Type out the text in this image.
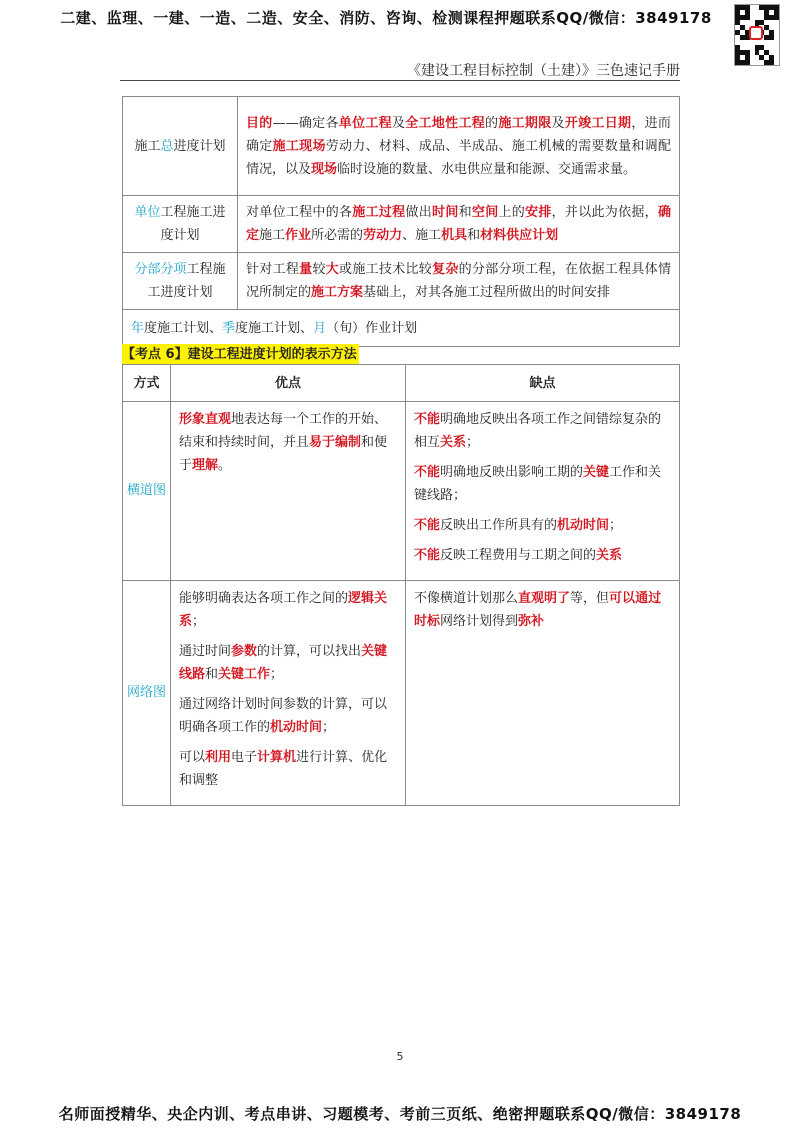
二建、监理、一建、一造、二造、安全、消防、咨询、检测课程押题联系QQ/微信：3849178
《建设工程目标控制（土建）》三色速记手册
施工总进度计划	目的——确定各单位工程及全工地性工程的施工期限及开竣工日期，进而确定施工现场劳动力、材料、成品、半成品、施工机械的需要数量和调配情况，以及现场临时设施的数量、水电供应量和能源、交通需求量。
单位工程施工进度计划	对单位工程中的各施工过程做出时间和空间上的安排，并以此为依据，确定施工作业所必需的劳动力、施工机具和材料供应计划
分部分项工程施工进度计划	针对工程量较大或施工技术比较复杂的分部分项工程，在依据工程具体情况所制定的施工方案基础上，对其各施工过程所做出的时间安排
年度施工计划、季度施工计划、月（旬）作业计划	
【考点 6】建设工程进度计划的表示方法
方式	优点	缺点
横道图	形象直观地表达每一个工作的开始、结束和持续时间，并且易于编制和便于理解。	不能明确地反映出各项工作之间错综复杂的相互关系；
不能明确地反映出影响工期的关键工作和关键线路；
不能反映出工作所具有的机动时间；
不能反映工程费用与工期之间的关系

网络图	能够明确表达各项工作之间的逻辑关系；
通过时间参数的计算，可以找出关键线路和关键工作；
通过网络计划时间参数的计算，可以明确各项工作的机动时间；
可以利用电子计算机进行计算、优化和调整	不像横道计划那么直观明了等，但可以通过时标网络计划得到弥补
5
名师面授精华、央企内训、考点串讲、习题模考、考前三页纸、绝密押题联系QQ/微信：3849178
